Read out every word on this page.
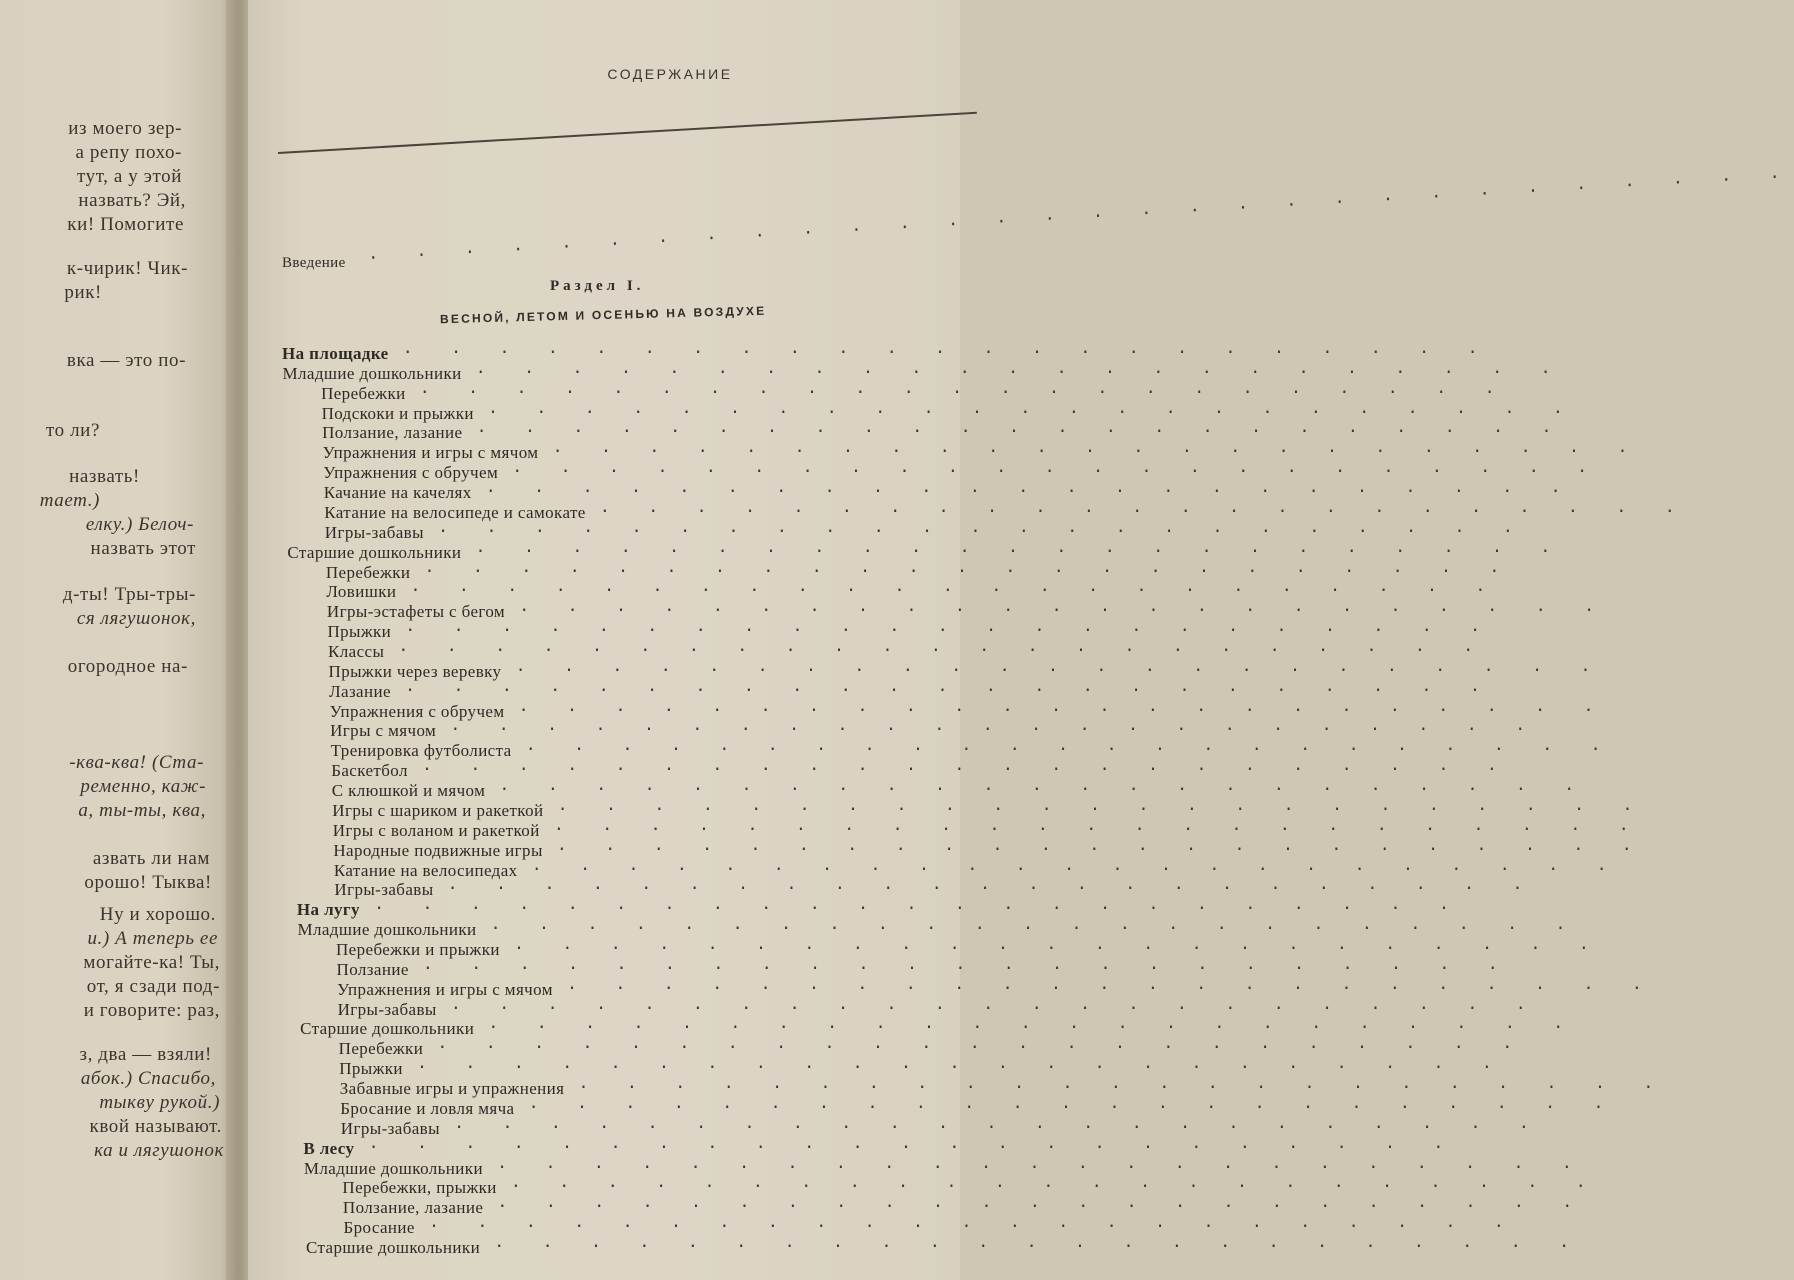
из моего зер-
а репу похо-
тут, а у этой
назвать? Эй,
ки! Помогите
к-чирик! Чик-
рик!
вка — это по-
то ли?
назвать!
тает.)
елку.) Белоч-
назвать этот
д-ты! Тры-тры-
ся лягушонок,
огородное на-
-ква-ква! (Ста-
ременно, каж-
а, ты-ты, ква,
азвать ли нам
орошо! Тыква!
Ну и хорошо.
и.) А теперь ее
могайте-ка! Ты,
от, я сзади под-
и говорите: раз,
з, два — взяли!
абок.) Спасибо,
тыкву рукой.)
квой называют.
ка и лягушонок
СОДЕРЖАНИЕ
Введение . . . . . . . . . . . . . . . . . . . . . . . . . . . . . .
Раздел I.
ВЕСНОЙ, ЛЕТОМ И ОСЕНЬЮ НА ВОЗДУХЕ
На площадке . . . . . . . . . . . . . . . . . . . . . . .
Младшие дошкольники . . . . . . . . . . . . . . . . . . . . . . .
Перебежки . . . . . . . . . . . . . . . . . . . . . . .
Подскоки и прыжки . . . . . . . . . . . . . . . . . . . . . . .
Ползание, лазание . . . . . . . . . . . . . . . . . . . . . . .
Упражнения и игры с мячом . . . . . . . . . . . . . . . . . . . . . . .
Упражнения с обручем . . . . . . . . . . . . . . . . . . . . . . .
Качание на качелях . . . . . . . . . . . . . . . . . . . . . . .
Катание на велосипеде и самокате . . . . . . . . . . . . . . . . . . . . . . .
Игры-забавы . . . . . . . . . . . . . . . . . . . . . . .
Старшие дошкольники . . . . . . . . . . . . . . . . . . . . . . .
Перебежки . . . . . . . . . . . . . . . . . . . . . . .
Ловишки . . . . . . . . . . . . . . . . . . . . . . .
Игры-эстафеты с бегом . . . . . . . . . . . . . . . . . . . . . . .
Прыжки . . . . . . . . . . . . . . . . . . . . . . .
Классы . . . . . . . . . . . . . . . . . . . . . . .
Прыжки через веревку . . . . . . . . . . . . . . . . . . . . . . .
Лазание . . . . . . . . . . . . . . . . . . . . . . .
Упражнения с обручем . . . . . . . . . . . . . . . . . . . . . . .
Игры с мячом . . . . . . . . . . . . . . . . . . . . . . .
Тренировка футболиста . . . . . . . . . . . . . . . . . . . . . . .
Баскетбол . . . . . . . . . . . . . . . . . . . . . . .
С клюшкой и мячом . . . . . . . . . . . . . . . . . . . . . . .
Игры с шариком и ракеткой . . . . . . . . . . . . . . . . . . . . . . .
Игры с воланом и ракеткой . . . . . . . . . . . . . . . . . . . . . . .
Народные подвижные игры . . . . . . . . . . . . . . . . . . . . . . .
Катание на велосипедах . . . . . . . . . . . . . . . . . . . . . . .
Игры-забавы . . . . . . . . . . . . . . . . . . . . . . .
На лугу . . . . . . . . . . . . . . . . . . . . . . .
Младшие дошкольники . . . . . . . . . . . . . . . . . . . . . . .
Перебежки и прыжки . . . . . . . . . . . . . . . . . . . . . . .
Ползание . . . . . . . . . . . . . . . . . . . . . . .
Упражнения и игры с мячом . . . . . . . . . . . . . . . . . . . . . . .
Игры-забавы . . . . . . . . . . . . . . . . . . . . . . .
Старшие дошкольники . . . . . . . . . . . . . . . . . . . . . . .
Перебежки . . . . . . . . . . . . . . . . . . . . . . .
Прыжки . . . . . . . . . . . . . . . . . . . . . . .
Забавные игры и упражнения . . . . . . . . . . . . . . . . . . . . . . .
Бросание и ловля мяча . . . . . . . . . . . . . . . . . . . . . . .
Игры-забавы . . . . . . . . . . . . . . . . . . . . . . .
В лесу . . . . . . . . . . . . . . . . . . . . . . .
Младшие дошкольники . . . . . . . . . . . . . . . . . . . . . . .
Перебежки, прыжки . . . . . . . . . . . . . . . . . . . . . . .
Ползание, лазание . . . . . . . . . . . . . . . . . . . . . . .
Бросание . . . . . . . . . . . . . . . . . . . . . . .
Старшие дошкольники . . . . . . . . . . . . . . . . . . . . . . .
